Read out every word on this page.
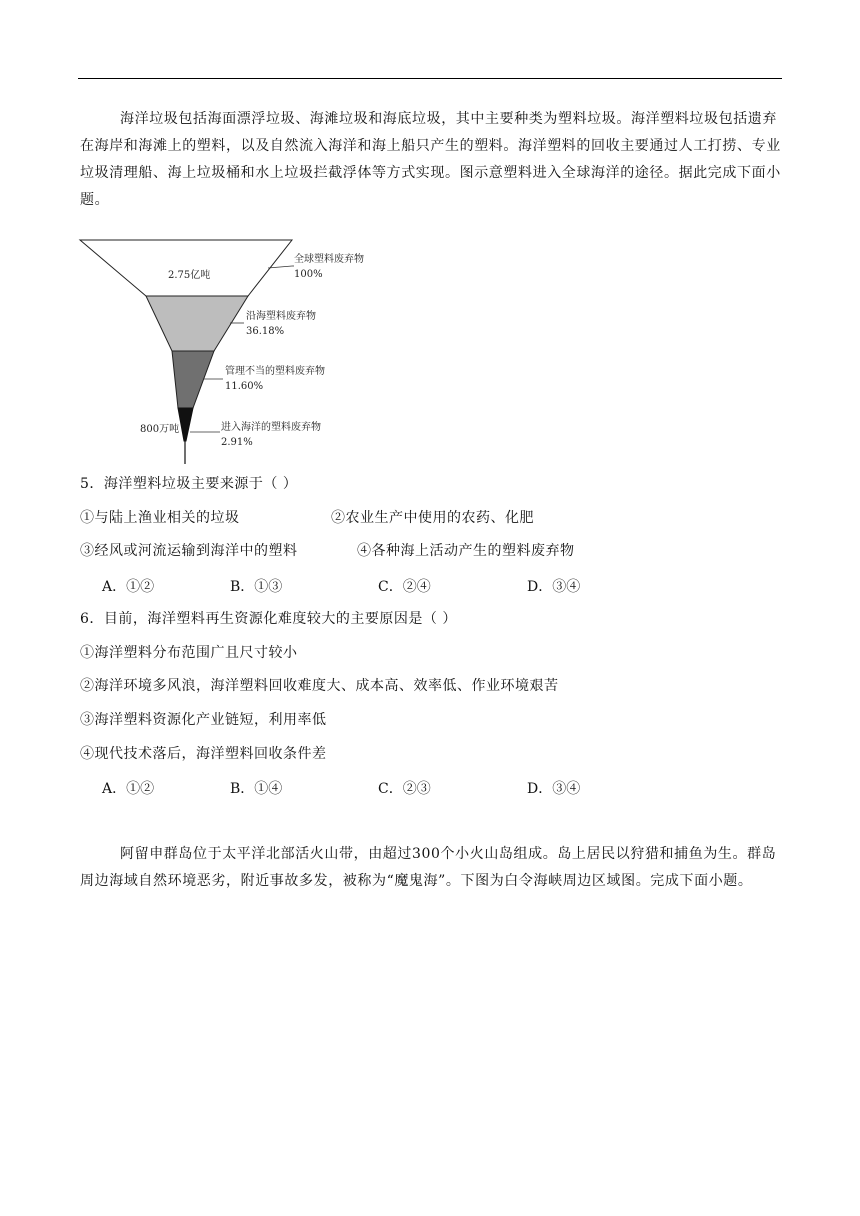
海洋垃圾包括海面漂浮垃圾、海滩垃圾和海底垃圾，其中主要种类为塑料垃圾。海洋塑料垃圾包括遗弃在海岸和海滩上的塑料，以及自然流入海洋和海上船只产生的塑料。海洋塑料的回收主要通过人工打捞、专业垃圾清理船、海上垃圾桶和水上垃圾拦截浮体等方式实现。图示意塑料进入全球海洋的途径。据此完成下面小题。

2.75亿吨
全球塑料废弃物
100%
沿海塑料废弃物
36.18%
管理不当的塑料废弃物
11.60%
800万吨	进入海洋的塑料废弃物
2.91%

5．海洋塑料垃圾主要来源于（ ）

①与陆上渔业相关的垃圾	②农业生产中使用的农药、化肥

③经风或河流运输到海洋中的塑料	④各种海上活动产生的塑料废弃物

A．①②	B．①③	C．②④	D．③④

6．目前，海洋塑料再生资源化难度较大的主要原因是（ ）

①海洋塑料分布范围广且尺寸较小

②海洋环境多风浪，海洋塑料回收难度大、成本高、效率低、作业环境艰苦

③海洋塑料资源化产业链短，利用率低

④现代技术落后，海洋塑料回收条件差

A．①②	B．①④	C．②③	D．③④

阿留申群岛位于太平洋北部活火山带，由超过300个小火山岛组成。岛上居民以狩猎和捕鱼为生。群岛周边海域自然环境恶劣，附近事故多发，被称为“魔鬼海”。下图为白令海峡周边区域图。完成下面小题。
